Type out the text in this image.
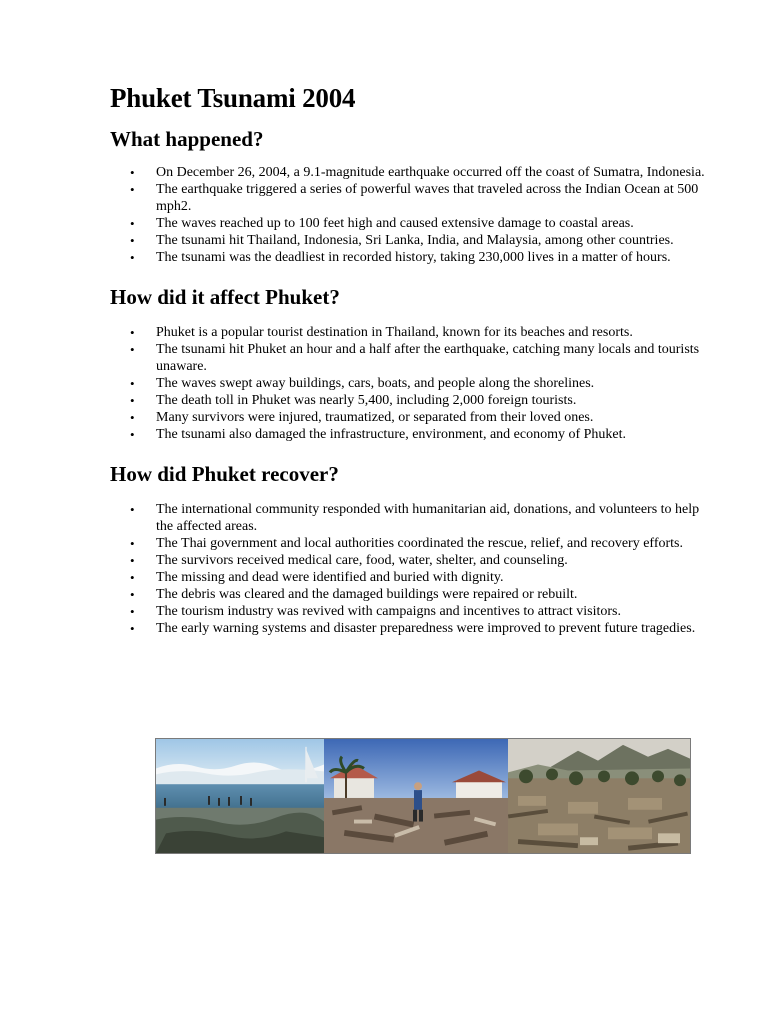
Phuket Tsunami 2004
What happened?
• On December 26, 2004, a 9.1-magnitude earthquake occurred off the coast of Sumatra, Indonesia.
• The earthquake triggered a series of powerful waves that traveled across the Indian Ocean at 500 mph2.
• The waves reached up to 100 feet high and caused extensive damage to coastal areas.
• The tsunami hit Thailand, Indonesia, Sri Lanka, India, and Malaysia, among other countries.
• The tsunami was the deadliest in recorded history, taking 230,000 lives in a matter of hours.
How did it affect Phuket?
• Phuket is a popular tourist destination in Thailand, known for its beaches and resorts.
• The tsunami hit Phuket an hour and a half after the earthquake, catching many locals and tourists unaware.
• The waves swept away buildings, cars, boats, and people along the shorelines.
• The death toll in Phuket was nearly 5,400, including 2,000 foreign tourists.
• Many survivors were injured, traumatized, or separated from their loved ones.
• The tsunami also damaged the infrastructure, environment, and economy of Phuket.
How did Phuket recover?
• The international community responded with humanitarian aid, donations, and volunteers to help the affected areas.
• The Thai government and local authorities coordinated the rescue, relief, and recovery efforts.
• The survivors received medical care, food, water, shelter, and counseling.
• The missing and dead were identified and buried with dignity.
• The debris was cleared and the damaged buildings were repaired or rebuilt.
• The tourism industry was revived with campaigns and incentives to attract visitors.
• The early warning systems and disaster preparedness were improved to prevent future tragedies.
